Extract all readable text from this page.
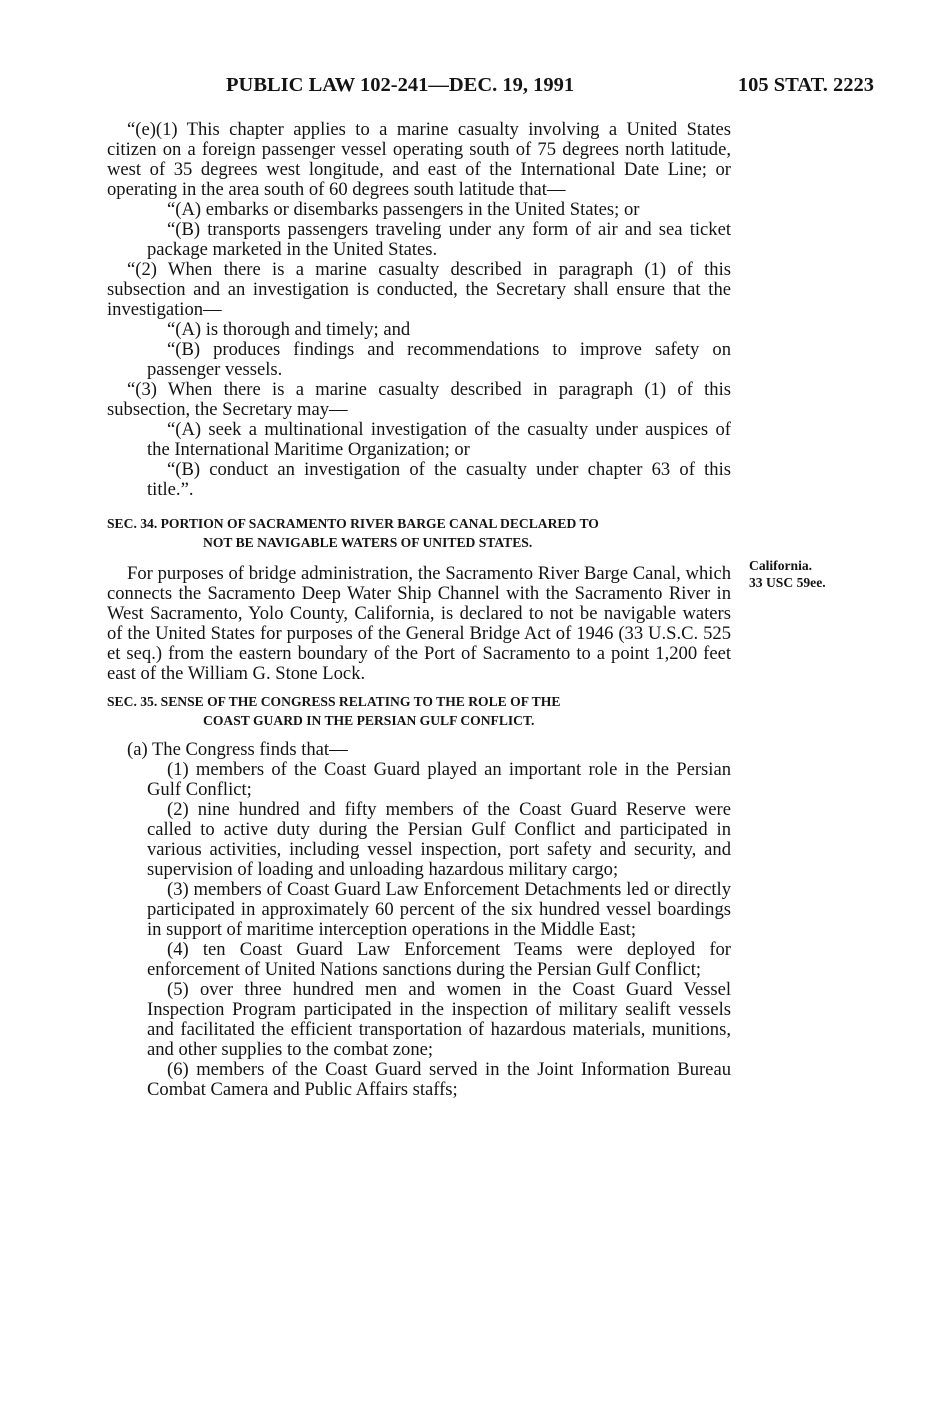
PUBLIC LAW 102-241—DEC. 19, 1991	105 STAT. 2223
California.
33 USC 59ee.

“(e)(1) This chapter applies to a marine casualty involving a United States citizen on a foreign passenger vessel operating south of 75 degrees north latitude, west of 35 degrees west longitude, and east of the International Date Line; or operating in the area south of 60 degrees south latitude that—

“(A) embarks or disembarks passengers in the United States; or

“(B) transports passengers traveling under any form of air and sea ticket package marketed in the United States.

“(2) When there is a marine casualty described in paragraph (1) of this subsection and an investigation is conducted, the Secretary shall ensure that the investigation—

“(A) is thorough and timely; and

“(B) produces findings and recommendations to improve safety on passenger vessels.

“(3) When there is a marine casualty described in paragraph (1) of this subsection, the Secretary may—

“(A) seek a multinational investigation of the casualty under auspices of the International Maritime Organization; or

“(B) conduct an investigation of the casualty under chapter 63 of this title.”.

SEC. 34. PORTION OF SACRAMENTO RIVER BARGE CANAL DECLARED TO
NOT BE NAVIGABLE WATERS OF UNITED STATES.

For purposes of bridge administration, the Sacramento River Barge Canal, which connects the Sacramento Deep Water Ship Channel with the Sacramento River in West Sacramento, Yolo County, California, is declared to not be navigable waters of the United States for purposes of the General Bridge Act of 1946 (33 U.S.C. 525 et seq.) from the eastern boundary of the Port of Sacramento to a point 1,200 feet east of the William G. Stone Lock.

SEC. 35. SENSE OF THE CONGRESS RELATING TO THE ROLE OF THE
COAST GUARD IN THE PERSIAN GULF CONFLICT.

(a) The Congress finds that—

(1) members of the Coast Guard played an important role in the Persian Gulf Conflict;

(2) nine hundred and fifty members of the Coast Guard Reserve were called to active duty during the Persian Gulf Conflict and participated in various activities, including vessel inspection, port safety and security, and supervision of loading and unloading hazardous military cargo;

(3) members of Coast Guard Law Enforcement Detachments led or directly participated in approximately 60 percent of the six hundred vessel boardings in support of maritime interception operations in the Middle East;

(4) ten Coast Guard Law Enforcement Teams were deployed for enforcement of United Nations sanctions during the Persian Gulf Conflict;

(5) over three hundred men and women in the Coast Guard Vessel Inspection Program participated in the inspection of military sealift vessels and facilitated the efficient transportation of hazardous materials, munitions, and other supplies to the combat zone;

(6) members of the Coast Guard served in the Joint Information Bureau Combat Camera and Public Affairs staffs;
